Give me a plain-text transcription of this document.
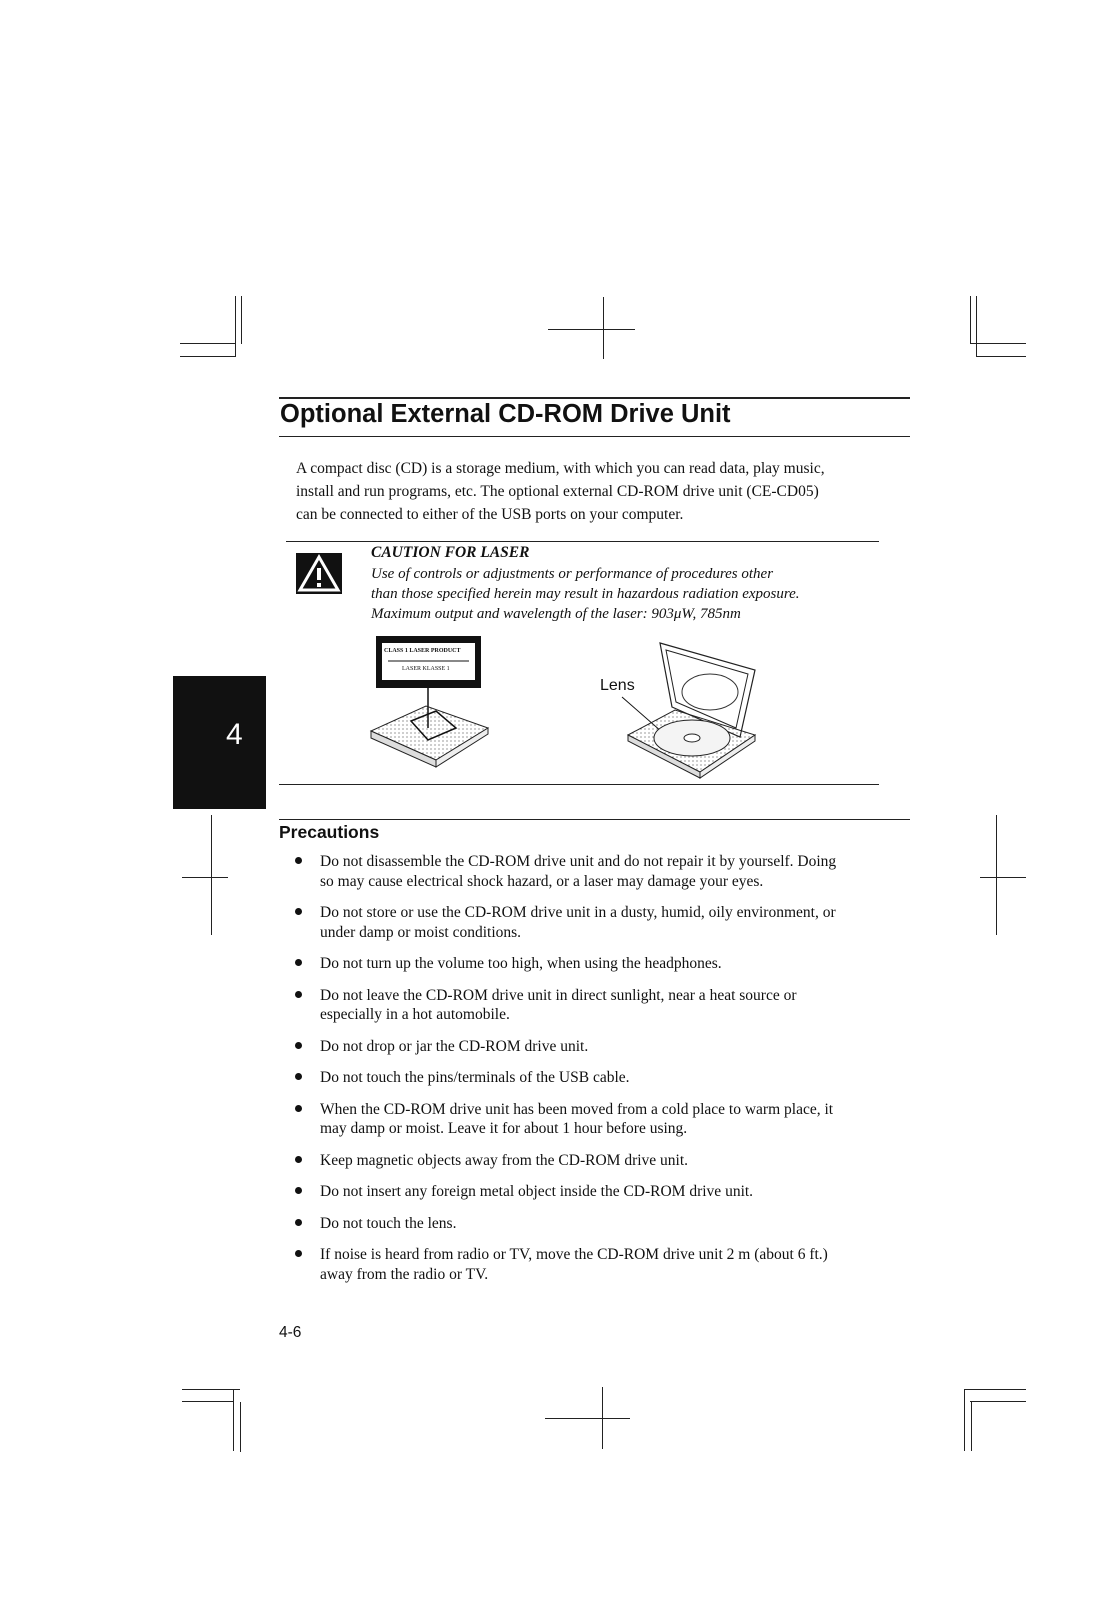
Optional External CD-ROM Drive Unit

A compact disc (CD) is a storage medium, with which you can read data, play music,

install and run programs, etc. The optional external CD-ROM drive unit (CE-CD05)

can be connected to either of the USB ports on your computer.

CAUTION FOR LASER
Use of controls or adjustments or performance of procedures other
than those specified herein may result in hazardous radiation exposure.
Maximum output and wavelength of the laser: 903μW, 785nm
CLASS 1 LASER PRODUCT
LASER KLASSE 1
Lens
4
Precautions
Do not disassemble the CD-ROM drive unit and do not repair it by yourself. Doing
so may cause electrical shock hazard, or a laser may damage your eyes.
Do not store or use the CD-ROM drive unit in a dusty, humid, oily environment, or
under damp or moist conditions.
Do not turn up the volume too high, when using the headphones.
Do not leave the CD-ROM drive unit in direct sunlight, near a heat source or
especially in a hot automobile.
Do not drop or jar the CD-ROM drive unit.
Do not touch the pins/terminals of the USB cable.
When the CD-ROM drive unit has been moved from a cold place to warm place, it
may damp or moist. Leave it for about 1 hour before using.
Keep magnetic objects away from the CD-ROM drive unit.
Do not insert any foreign metal object inside the CD-ROM drive unit.
Do not touch the lens.
If noise is heard from radio or TV, move the CD-ROM drive unit 2 m (about 6 ft.)
away from the radio or TV.
4-6
